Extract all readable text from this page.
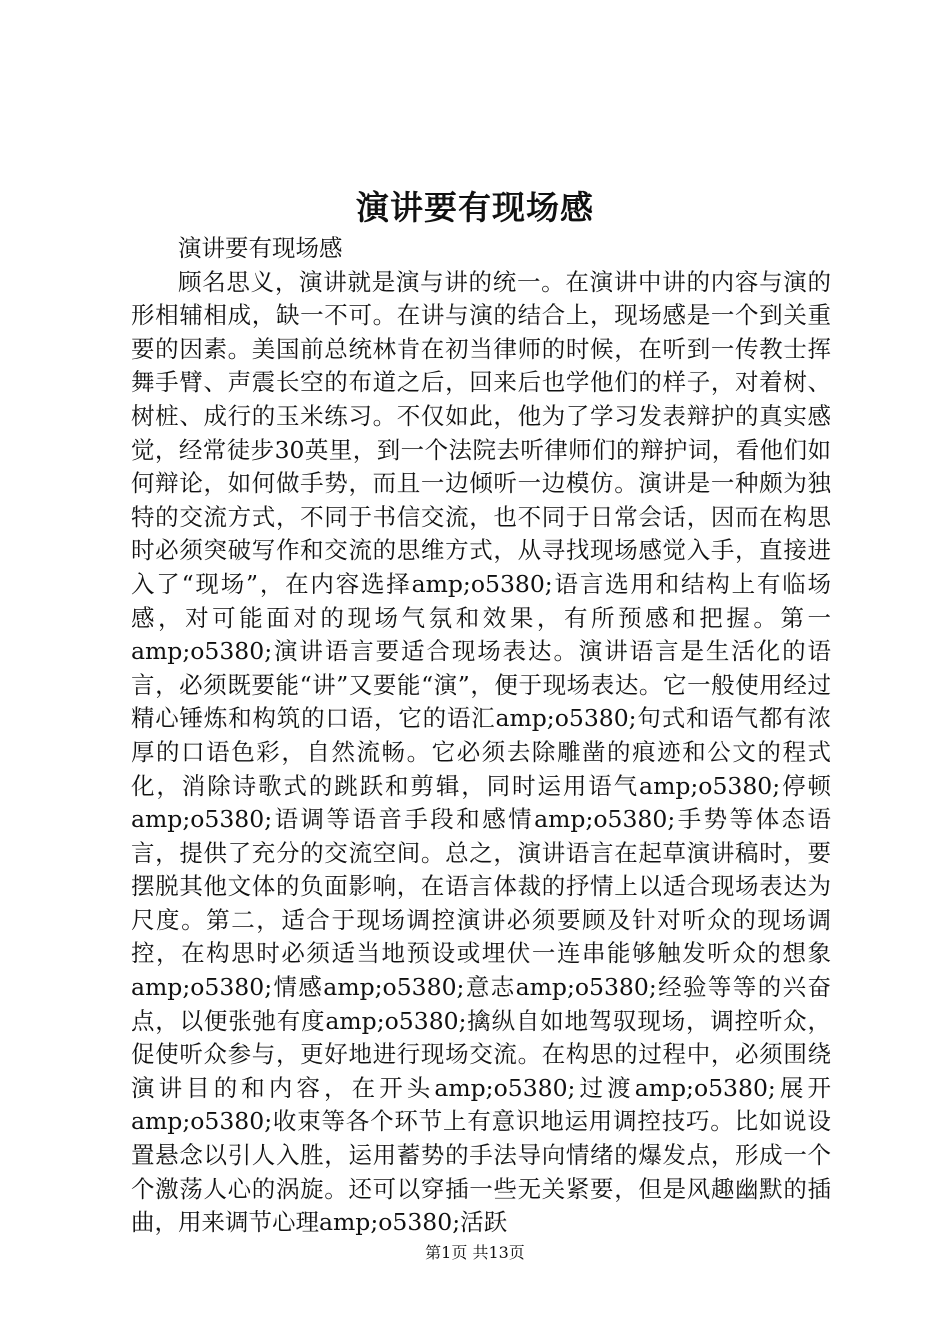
演讲要有现场感

演讲要有现场感

顾名思义，演讲就是演与讲的统一。在演讲中讲的内容与演的形相辅相成，缺一不可。在讲与演的结合上，现场感是一个到关重要的因素。美国前总统林肯在初当律师的时候，在听到一传教士挥舞手臂、声震长空的布道之后，回来后也学他们的样子，对着树、树桩、成行的玉米练习。不仅如此，他为了学习发表辩护的真实感觉，经常徒步30英里，到一个法院去听律师们的辩护词，看他们如何辩论，如何做手势，而且一边倾听一边模仿。演讲是一种颇为独特的交流方式，不同于书信交流，也不同于日常会话，因而在构思时必须突破写作和交流的思维方式，从寻找现场感觉入手，直接进入了“现场”，在内容选择amp;o5380;语言选用和结构上有临场感，对可能面对的现场气氛和效果，有所预感和把握。第一amp;o5380;演讲语言要适合现场表达。演讲语言是生活化的语言，必须既要能“讲”又要能“演”，便于现场表达。它一般使用经过精心锤炼和构筑的口语，它的语汇amp;o5380;句式和语气都有浓厚的口语色彩，自然流畅。它必须去除雕凿的痕迹和公文的程式化，消除诗歌式的跳跃和剪辑，同时运用语气amp;o5380;停顿amp;o5380;语调等语音手段和感情amp;o5380;手势等体态语言，提供了充分的交流空间。总之，演讲语言在起草演讲稿时，要摆脱其他文体的负面影响，在语言体裁的抒情上以适合现场表达为尺度。第二，适合于现场调控演讲必须要顾及针对听众的现场调控，在构思时必须适当地预设或埋伏一连串能够触发听众的想象amp;o5380;情感amp;o5380;意志amp;o5380;经验等等的兴奋点，以便张弛有度amp;o5380;擒纵自如地驾驭现场，调控听众，促使听众参与，更好地进行现场交流。在构思的过程中，必须围绕演讲目的和内容，在开头amp;o5380;过渡amp;o5380;展开amp;o5380;收束等各个环节上有意识地运用调控技巧。比如说设置悬念以引人入胜，运用蓄势的手法导向情绪的爆发点，形成一个个激荡人心的涡旋。还可以穿插一些无关紧要，但是风趣幽默的插曲，用来调节心理amp;o5380;活跃

第1页 共13页
